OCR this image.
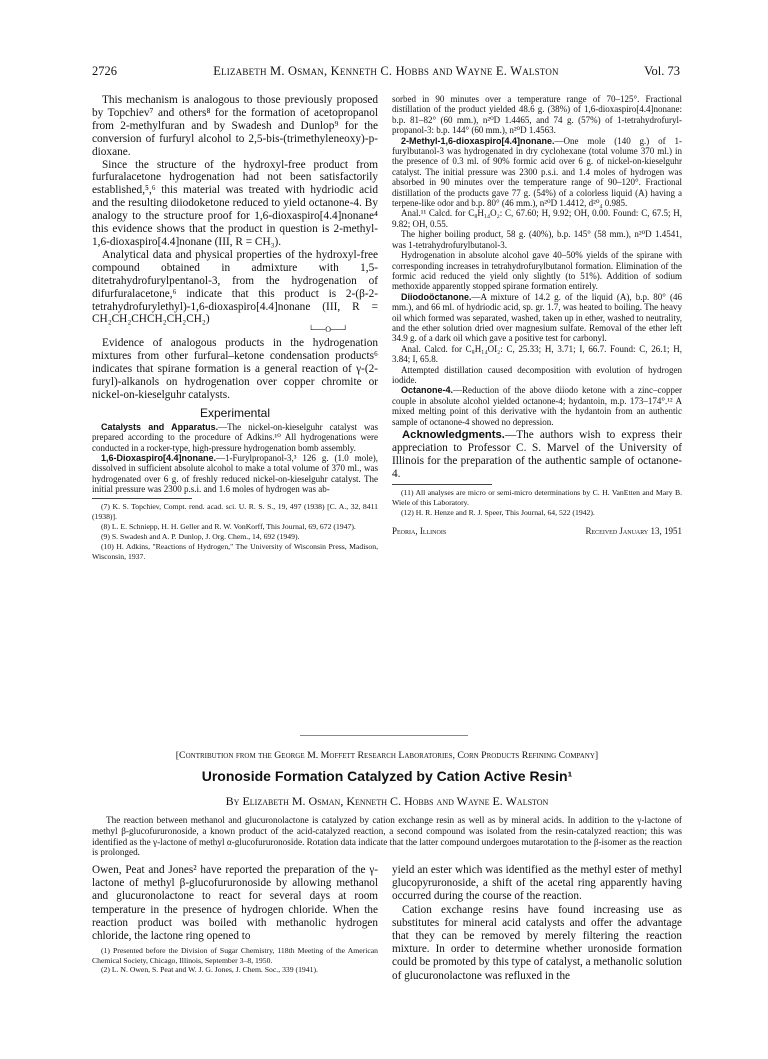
2726	Elizabeth M. Osman, Kenneth C. Hobbs and Wayne E. Walston	Vol. 73

This mechanism is analogous to those previously proposed by Topchiev⁷ and others⁸ for the formation of acetopropanol from 2-methylfuran and by Swadesh and Dunlop⁹ for the conversion of furfuryl alcohol to 2,5-bis-(trimethyleneoxy)-p-dioxane.

Since the structure of the hydroxyl-free product from furfuralacetone hydrogenation had not been satisfactorily established,⁵,⁶ this material was treated with hydriodic acid and the resulting diiodoketone reduced to yield octanone-4. By analogy to the structure proof for 1,6-dioxaspiro[4.4]nonane⁴ this evidence shows that the product in question is 2-methyl-1,6-dioxaspiro[4.4]nonane (III, R = CH₃).

Analytical data and physical properties of the hydroxyl-free compound obtained in admixture with 1,5-ditetrahydrofurylpentanol-3, from the hydrogenation of difurfuralacetone,⁶ indicate that this product is 2-(β-2-tetrahydrofurylethyl)-1,6-dioxaspiro[4.4]nonane (III, R = CH₂CH₂CHCH₂CH₂CH₂)

└──O──┘

Evidence of analogous products in the hydrogenation mixtures from other furfural–ketone condensation products⁶ indicates that spirane formation is a general reaction of γ-(2-furyl)-alkanols on hydrogenation over copper chromite or nickel-on-kieselguhr catalysts.

Experimental

Catalysts and Apparatus.—The nickel-on-kieselguhr catalyst was prepared according to the procedure of Adkins.¹⁰ All hydrogenations were conducted in a rocker-type, high-pressure hydrogenation bomb assembly.

1,6-Dioxaspiro[4.4]nonane.—1-Furylpropanol-3,³ 126 g. (1.0 mole), dissolved in sufficient absolute alcohol to make a total volume of 370 ml., was hydrogenated over 6 g. of freshly reduced nickel-on-kieselguhr catalyst. The initial pressure was 2300 p.s.i. and 1.6 moles of hydrogen was ab-

(7) K. S. Topchiev, Compt. rend. acad. sci. U. R. S. S., 19, 497 (1938) [C. A., 32, 8411 (1938)].

(8) L. E. Schniepp, H. H. Geller and R. W. VonKorff, This Journal, 69, 672 (1947).

(9) S. Swadesh and A. P. Dunlop, J. Org. Chem., 14, 692 (1949).

(10) H. Adkins, "Reactions of Hydrogen," The University of Wisconsin Press, Madison, Wisconsin, 1937.

sorbed in 90 minutes over a temperature range of 70–125°. Fractional distillation of the product yielded 48.6 g. (38%) of 1,6-dioxaspiro[4.4]nonane: b.p. 81–82° (60 mm.), n²⁰D 1.4465, and 74 g. (57%) of 1-tetrahydrofuryl-propanol-3: b.p. 144° (60 mm.), n²⁰D 1.4563.

2-Methyl-1,6-dioxaspiro[4.4]nonane.—One mole (140 g.) of 1-furylbutanol-3 was hydrogenated in dry cyclohexane (total volume 370 ml.) in the presence of 0.3 ml. of 90% formic acid over 6 g. of nickel-on-kieselguhr catalyst. The initial pressure was 2300 p.s.i. and 1.4 moles of hydrogen was absorbed in 90 minutes over the temperature range of 90–120°. Fractional distillation of the products gave 77 g. (54%) of a colorless liquid (A) having a terpene-like odor and b.p. 80° (46 mm.), n²⁰D 1.4412, d²⁰₄ 0.985.

Anal.¹¹ Calcd. for C₈H₁₄O₂: C, 67.60; H, 9.92; OH, 0.00. Found: C, 67.5; H, 9.82; OH, 0.55.

The higher boiling product, 58 g. (40%), b.p. 145° (58 mm.), n²⁰D 1.4541, was 1-tetrahydrofurylbutanol-3.

Hydrogenation in absolute alcohol gave 40–50% yields of the spirane with corresponding increases in tetrahydrofurylbutanol formation. Elimination of the formic acid reduced the yield only slightly (to 51%). Addition of sodium methoxide apparently stopped spirane formation entirely.

Diiodoöctanone.—A mixture of 14.2 g. of the liquid (A), b.p. 80° (46 mm.), and 66 ml. of hydriodic acid, sp. gr. 1.7, was heated to boiling. The heavy oil which formed was separated, washed, taken up in ether, washed to neutrality, and the ether solution dried over magnesium sulfate. Removal of the ether left 34.9 g. of a dark oil which gave a positive test for carbonyl.

Anal. Calcd. for C₈H₁₄OI₂: C, 25.33; H, 3.71; I, 66.7. Found: C, 26.1; H, 3.84; I, 65.8.

Attempted distillation caused decomposition with evolution of hydrogen iodide.

Octanone-4.—Reduction of the above diiodo ketone with a zinc–copper couple in absolute alcohol yielded octanone-4; hydantoin, m.p. 173–174°.¹² A mixed melting point of this derivative with the hydantoin from an authentic sample of octanone-4 showed no depression.

Acknowledgments.—The authors wish to express their appreciation to Professor C. S. Marvel of the University of Illinois for the preparation of the authentic sample of octanone-4.

(11) All analyses are micro or semi-micro determinations by C. H. VanEtten and Mary B. Wiele of this Laboratory.

(12) H. R. Henze and R. J. Speer, This Journal, 64, 522 (1942).

Peoria, Illinois	Received January 13, 1951
[Contribution from the George M. Moffett Research Laboratories, Corn Products Refining Company]
Uronoside Formation Catalyzed by Cation Active Resin¹
By Elizabeth M. Osman, Kenneth C. Hobbs and Wayne E. Walston

The reaction between methanol and glucuronolactone is catalyzed by cation exchange resin as well as by mineral acids. In addition to the γ-lactone of methyl β-glucofururonoside, a known product of the acid-catalyzed reaction, a second compound was isolated from the resin-catalyzed reaction; this was identified as the γ-lactone of methyl α-glucofururonoside. Rotation data indicate that the latter compound undergoes mutarotation to the β-isomer as the reaction is prolonged.

Owen, Peat and Jones² have reported the preparation of the γ-lactone of methyl β-glucofururonoside by allowing methanol and glucuronolactone to react for several days at room temperature in the presence of hydrogen chloride. When the reaction product was boiled with methanolic hydrogen chloride, the lactone ring opened to

(1) Presented before the Division of Sugar Chemistry, 118th Meeting of the American Chemical Society, Chicago, Illinois, September 3–8, 1950.

(2) L. N. Owen, S. Peat and W. J. G. Jones, J. Chem. Soc., 339 (1941).

yield an ester which was identified as the methyl ester of methyl glucopyruronoside, a shift of the acetal ring apparently having occurred during the course of the reaction.

Cation exchange resins have found increasing use as substitutes for mineral acid catalysts and offer the advantage that they can be removed by merely filtering the reaction mixture. In order to determine whether uronoside formation could be promoted by this type of catalyst, a methanolic solution of glucuronolactone was refluxed in the
